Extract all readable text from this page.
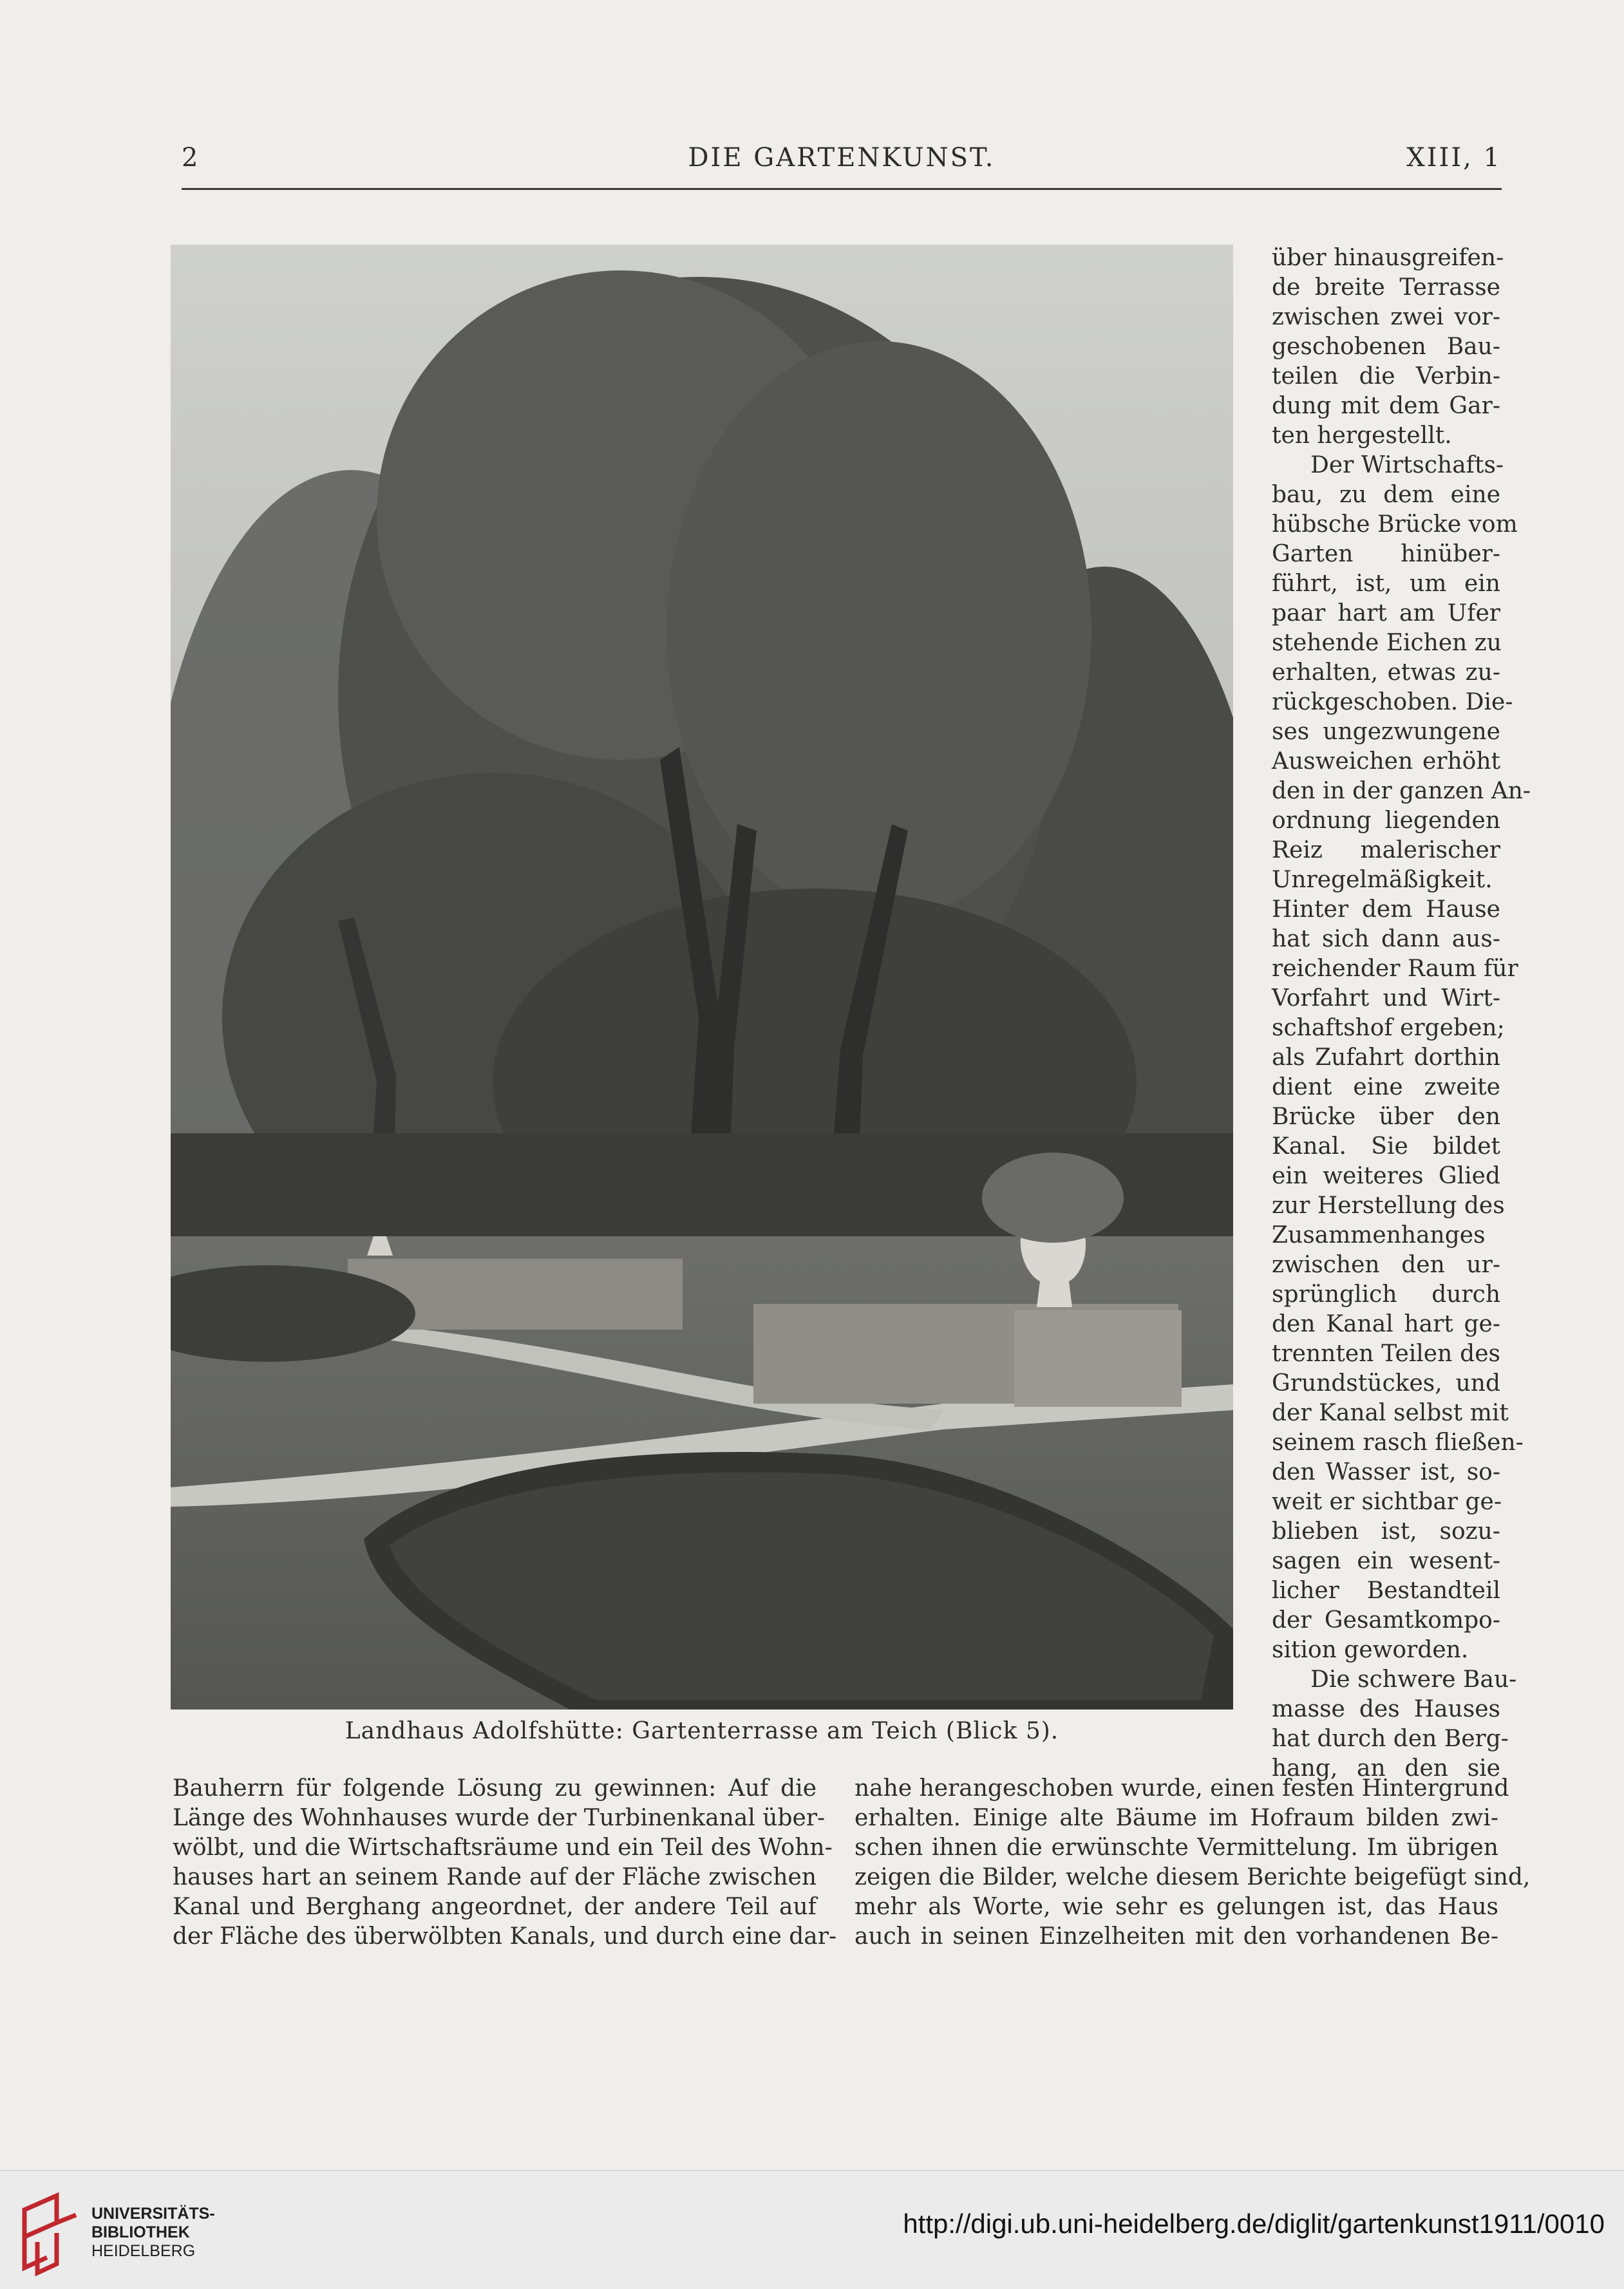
2	DIE GARTENKUNST.	XIII, 1
Landhaus Adolfshütte: Gartenterrasse am Teich (Blick 5).
über hinausgreifen-
de breite Terrasse
zwischen zwei vor-
geschobenen Bau-
teilen die Verbin-
dung mit dem Gar-
ten hergestellt.
Der Wirtschafts-
bau, zu dem eine
hübsche Brücke vom
Garten hinüber-
führt, ist, um ein
paar hart am Ufer
stehende Eichen zu
erhalten, etwas zu-
rückgeschoben. Die-
ses ungezwungene
Ausweichen erhöht
den in der ganzen An-
ordnung liegenden
Reiz malerischer
Unregelmäßigkeit.
Hinter dem Hause
hat sich dann aus-
reichender Raum für
Vorfahrt und Wirt-
schaftshof ergeben;
als Zufahrt dorthin
dient eine zweite
Brücke über den
Kanal. Sie bildet
ein weiteres Glied
zur Herstellung des
Zusammenhanges
zwischen den ur-
sprünglich durch
den Kanal hart ge-
trennten Teilen des
Grundstückes, und
der Kanal selbst mit
seinem rasch fließen-
den Wasser ist, so-
weit er sichtbar ge-
blieben ist, sozu-
sagen ein wesent-
licher Bestandteil
der Gesamtkompo-
sition geworden.
Die schwere Bau-
masse des Hauses
hat durch den Berg-
hang, an den sie
Bauherrn für folgende Lösung zu gewinnen: Auf die
Länge des Wohnhauses wurde der Turbinenkanal über-
wölbt, und die Wirtschaftsräume und ein Teil des Wohn-
hauses hart an seinem Rande auf der Fläche zwischen
Kanal und Berghang angeordnet, der andere Teil auf
der Fläche des überwölbten Kanals, und durch eine dar-
nahe herangeschoben wurde, einen festen Hintergrund
erhalten. Einige alte Bäume im Hofraum bilden zwi-
schen ihnen die erwünschte Vermittelung. Im übrigen
zeigen die Bilder, welche diesem Berichte beigefügt sind,
mehr als Worte, wie sehr es gelungen ist, das Haus
auch in seinen Einzelheiten mit den vorhandenen Be-
UNIVERSITÄTS-
BIBLIOTHEK
HEIDELBERG
http://digi.ub.uni-heidelberg.de/diglit/gartenkunst1911/0010
